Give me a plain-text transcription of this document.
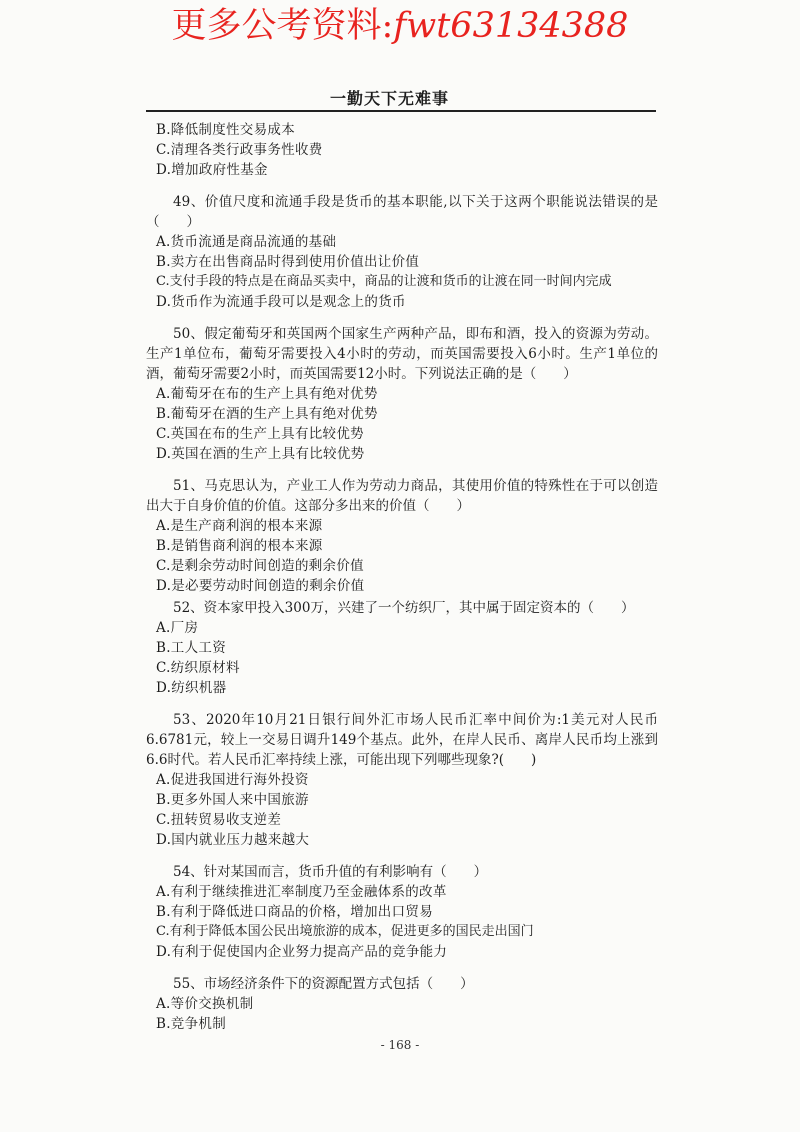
更多公考资料:fwt63134388
一勤天下无难事
B.降低制度性交易成本
C.清理各类行政事务性收费
D.增加政府性基金

49、价值尺度和流通手段是货币的基本职能,以下关于这两个职能说法错误的是（　　）

A.货币流通是商品流通的基础
B.卖方在出售商品时得到使用价值出让价值
C.支付手段的特点是在商品买卖中，商品的让渡和货币的让渡在同一时间内完成
D.货币作为流通手段可以是观念上的货币

50、假定葡萄牙和英国两个国家生产两种产品，即布和酒，投入的资源为劳动。生产1单位布，葡萄牙需要投入4小时的劳动，而英国需要投入6小时。生产1单位的酒，葡萄牙需要2小时，而英国需要12小时。下列说法正确的是（　　）

A.葡萄牙在布的生产上具有绝对优势
B.葡萄牙在酒的生产上具有绝对优势
C.英国在布的生产上具有比较优势
D.英国在酒的生产上具有比较优势

51、马克思认为，产业工人作为劳动力商品，其使用价值的特殊性在于可以创造出大于自身价值的价值。这部分多出来的价值（　　）

A.是生产商利润的根本来源
B.是销售商利润的根本来源
C.是剩余劳动时间创造的剩余价值
D.是必要劳动时间创造的剩余价值

52、资本家甲投入300万，兴建了一个纺织厂，其中属于固定资本的（　　）

A.厂房
B.工人工资
C.纺织原材料
D.纺织机器

53、2020年10月21日银行间外汇市场人民币汇率中间价为:1美元对人民币6.6781元，较上一交易日调升149个基点。此外，在岸人民币、离岸人民币均上涨到6.6时代。若人民币汇率持续上涨，可能出现下列哪些现象?(　　)

A.促进我国进行海外投资
B.更多外国人来中国旅游
C.扭转贸易收支逆差
D.国内就业压力越来越大

54、针对某国而言，货币升值的有利影响有（　　）

A.有利于继续推进汇率制度乃至金融体系的改革
B.有利于降低进口商品的价格，增加出口贸易
C.有利于降低本国公民出境旅游的成本，促进更多的国民走出国门
D.有利于促使国内企业努力提高产品的竞争能力

55、市场经济条件下的资源配置方式包括（　　）

A.等价交换机制
B.竞争机制
- 168 -
